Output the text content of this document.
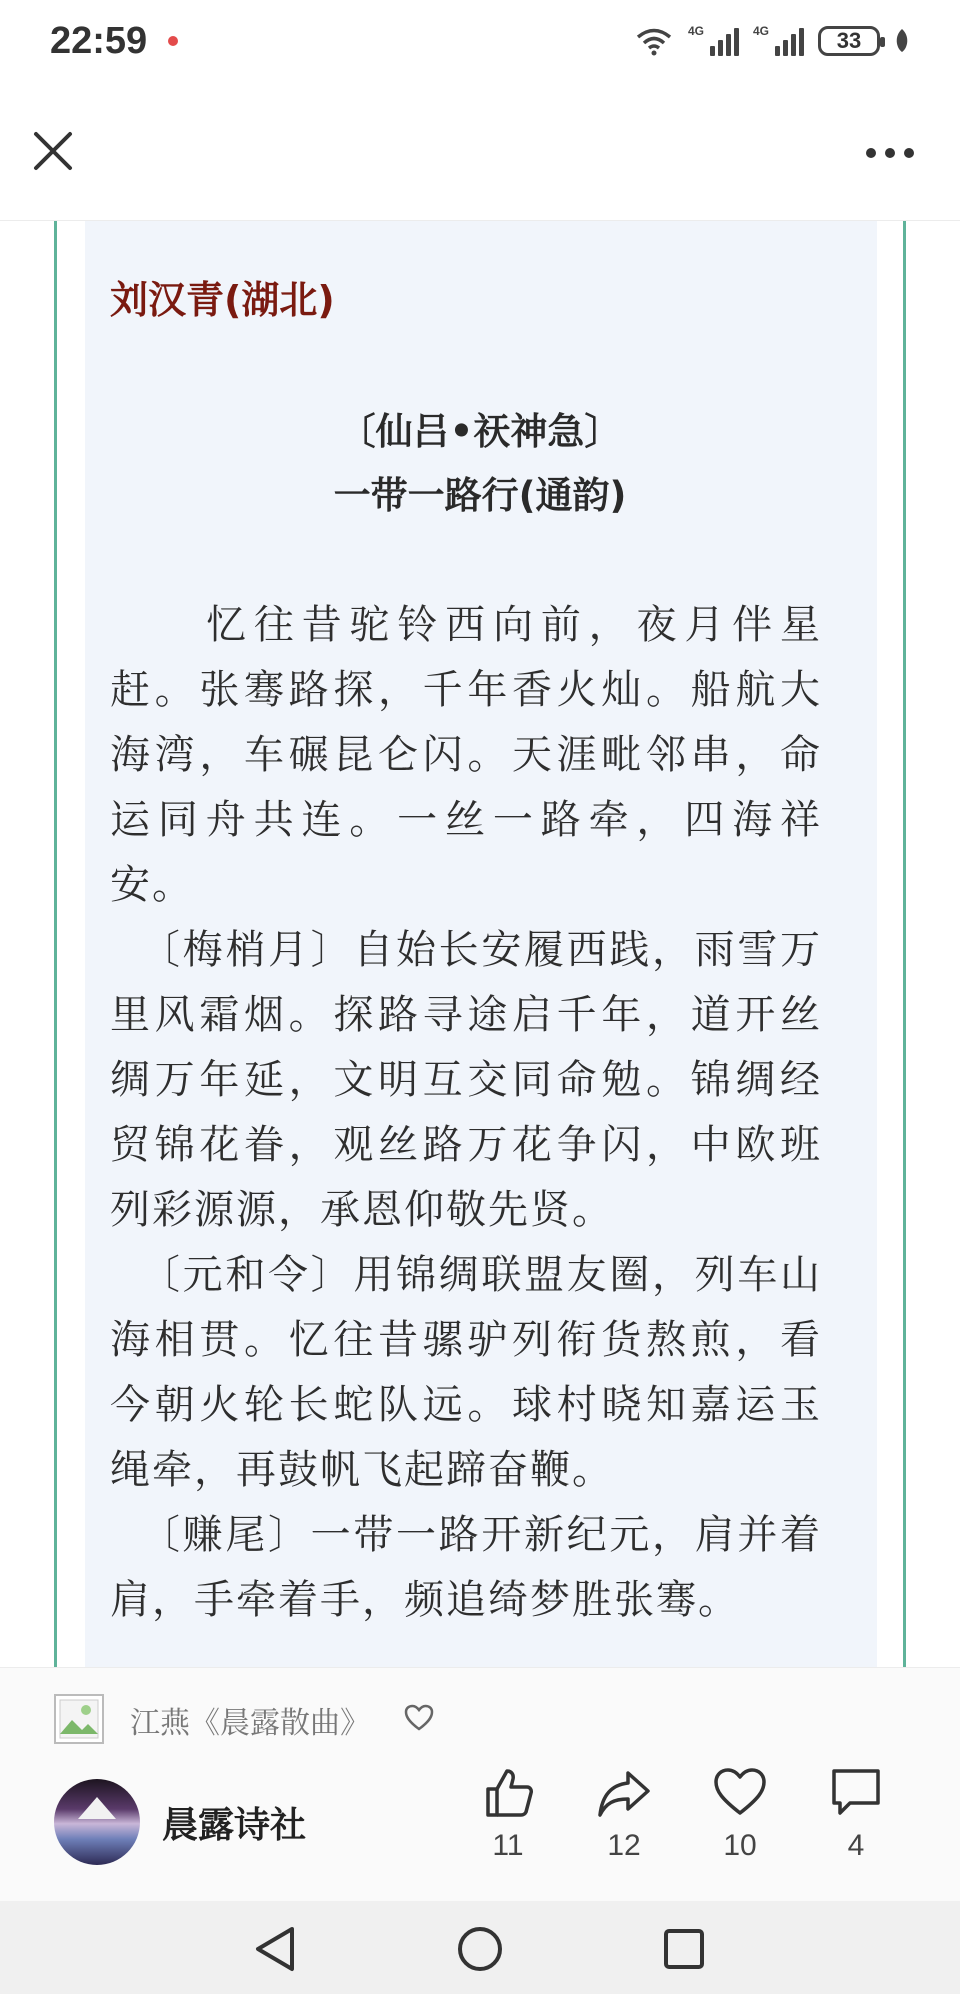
22:59	4G	4G	33
刘汉青(湖北)
〔仙吕•祆神急〕
一带一路行(通韵)

忆往昔驼铃西向前，夜月伴星赶。张骞路探，千年香火灿。船航大海湾，车碾昆仑闪。天涯毗邻串，命运同舟共连。一丝一路牵，四海祥安。

〔梅梢月〕自始长安履西践，雨雪万里风霜烟。探路寻途启千年，道开丝绸万年延，文明互交同命勉。锦绸经贸锦花眷，观丝路万花争闪，中欧班列彩源源，承恩仰敬先贤。

〔元和令〕用锦绸联盟友圈，列车山海相贯。忆往昔骡驴列衔货熬煎，看今朝火轮长蛇队远。球村晓知嘉运玉绳牵，再鼓帆飞起蹄奋鞭。

〔赚尾〕一带一路开新纪元，肩并着肩，手牵着手，频追绮梦胜张骞。

江燕《晨露散曲》
晨露诗社	11	12	10	4
